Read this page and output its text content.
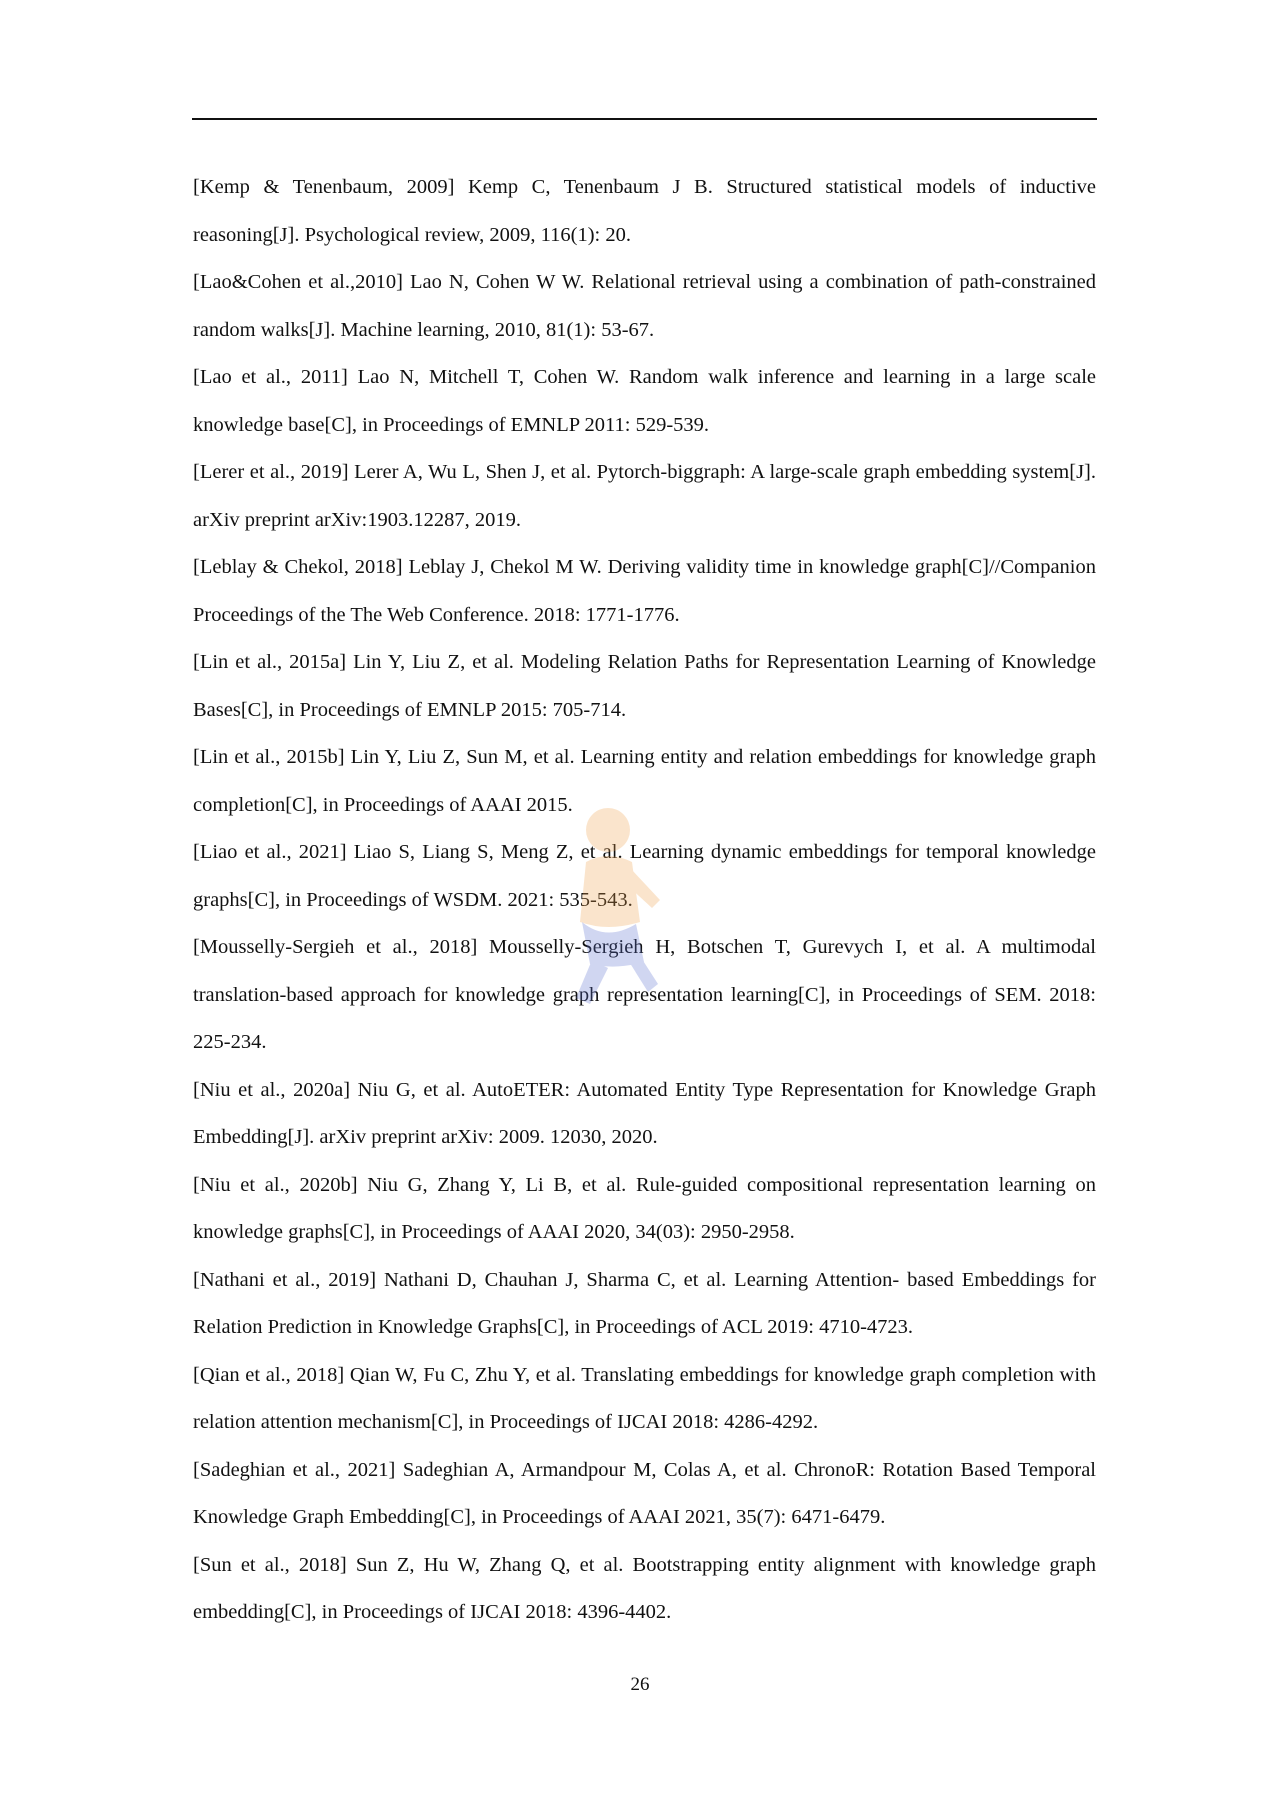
[Kemp & Tenenbaum, 2009] Kemp C, Tenenbaum J B. Structured statistical models of inductive reasoning[J]. Psychological review, 2009, 116(1): 20.

[Lao&Cohen et al.,2010] Lao N, Cohen W W. Relational retrieval using a combination of path-constrained random walks[J]. Machine learning, 2010, 81(1): 53-67.

[Lao et al., 2011] Lao N, Mitchell T, Cohen W. Random walk inference and learning in a large scale knowledge base[C], in Proceedings of EMNLP 2011: 529-539.

[Lerer et al., 2019] Lerer A, Wu L, Shen J, et al. Pytorch-biggraph: A large-scale graph embedding system[J]. arXiv preprint arXiv:1903.12287, 2019.

[Leblay & Chekol, 2018] Leblay J, Chekol M W. Deriving validity time in knowledge graph[C]//Companion Proceedings of the The Web Conference. 2018: 1771-1776.

[Lin et al., 2015a] Lin Y, Liu Z, et al. Modeling Relation Paths for Representation Learning of Knowledge Bases[C], in Proceedings of EMNLP 2015: 705-714.

[Lin et al., 2015b] Lin Y, Liu Z, Sun M, et al. Learning entity and relation embeddings for knowledge graph completion[C], in Proceedings of AAAI 2015.

[Liao et al., 2021] Liao S, Liang S, Meng Z, et al. Learning dynamic embeddings for temporal knowledge graphs[C], in Proceedings of WSDM. 2021: 535-543.

[Mousselly-Sergieh et al., 2018] Mousselly-Sergieh H, Botschen T, Gurevych I, et al. A multimodal translation-based approach for knowledge graph representation learning[C], in Proceedings of SEM. 2018: 225-234.

[Niu et al., 2020a] Niu G, et al. AutoETER: Automated Entity Type Representation for Knowledge Graph Embedding[J]. arXiv preprint arXiv: 2009. 12030, 2020.

[Niu et al., 2020b] Niu G, Zhang Y, Li B, et al. Rule-guided compositional representation learning on knowledge graphs[C], in Proceedings of AAAI 2020, 34(03): 2950-2958.

[Nathani et al., 2019] Nathani D, Chauhan J, Sharma C, et al. Learning Attention- based Embeddings for Relation Prediction in Knowledge Graphs[C], in Proceedings of ACL 2019: 4710-4723.

[Qian et al., 2018] Qian W, Fu C, Zhu Y, et al. Translating embeddings for knowledge graph completion with relation attention mechanism[C], in Proceedings of IJCAI 2018: 4286-4292.

[Sadeghian et al., 2021] Sadeghian A, Armandpour M, Colas A, et al. ChronoR: Rotation Based Temporal Knowledge Graph Embedding[C], in Proceedings of AAAI 2021, 35(7): 6471-6479.

[Sun et al., 2018] Sun Z, Hu W, Zhang Q, et al. Bootstrapping entity alignment with knowledge graph embedding[C], in Proceedings of IJCAI 2018: 4396-4402.

26
